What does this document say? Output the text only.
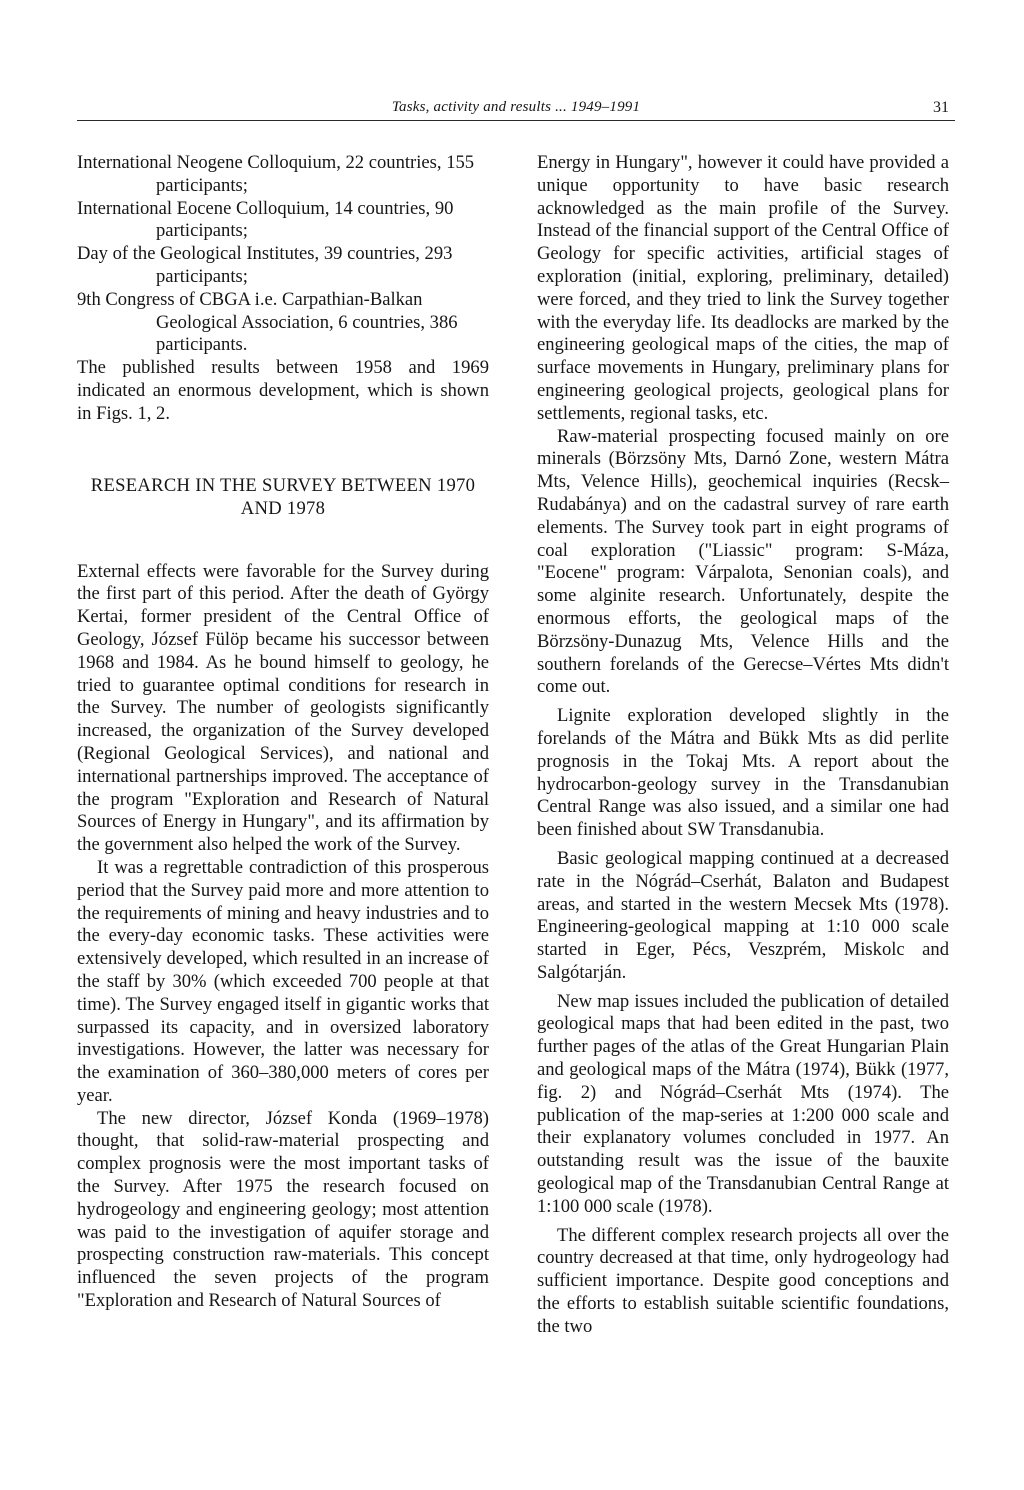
Tasks, activity and results ... 1949–1991	31

International Neogene Colloquium, 22 countries, 155 participants;

International Eocene Colloquium, 14 countries, 90 participants;

Day of the Geological Institutes, 39 countries, 293 participants;

9th Congress of CBGA i.e. Carpathian-Balkan Geological Association, 6 countries, 386 participants.

The published results between 1958 and 1969 indicated an enormous development, which is shown in Figs. 1, 2.

RESEARCH IN THE SURVEY BETWEEN 1970
AND 1978

External effects were favorable for the Survey during the first part of this period. After the death of György Kertai, former president of the Central Office of Geology, József Fülöp became his successor between 1968 and 1984. As he bound himself to geology, he tried to guarantee optimal conditions for research in the Survey. The number of geologists significantly increased, the organization of the Survey developed (Regional Geological Services), and national and international partnerships improved. The acceptance of the program "Exploration and Research of Natural Sources of Energy in Hungary", and its affirmation by the government also helped the work of the Survey.

It was a regrettable contradiction of this prosperous period that the Survey paid more and more attention to the requirements of mining and heavy industries and to the every-day economic tasks. These activities were extensively developed, which resulted in an increase of the staff by 30% (which exceeded 700 people at that time). The Survey engaged itself in gigantic works that surpassed its capacity, and in oversized laboratory investigations. However, the latter was necessary for the examination of 360–380,000 meters of cores per year.

The new director, József Konda (1969–1978) thought, that solid-raw-material prospecting and complex prognosis were the most important tasks of the Survey. After 1975 the research focused on hydrogeology and engineering geology; most attention was paid to the investigation of aquifer storage and prospecting construction raw-materials. This concept influenced the seven projects of the program "Exploration and Research of Natural Sources of

Energy in Hungary", however it could have provided a unique opportunity to have basic research acknowledged as the main profile of the Survey. Instead of the financial support of the Central Office of Geology for specific activities, artificial stages of exploration (initial, exploring, preliminary, detailed) were forced, and they tried to link the Survey together with the everyday life. Its deadlocks are marked by the engineering geological maps of the cities, the map of surface movements in Hungary, preliminary plans for engineering geological projects, geological plans for settlements, regional tasks, etc.

Raw-material prospecting focused mainly on ore minerals (Börzsöny Mts, Darnó Zone, western Mátra Mts, Velence Hills), geochemical inquiries (Recsk–Rudabánya) and on the cadastral survey of rare earth elements. The Survey took part in eight programs of coal exploration ("Liassic" program: S-Máza, "Eocene" program: Várpalota, Senonian coals), and some alginite research. Unfortunately, despite the enormous efforts, the geological maps of the Börzsöny-Dunazug Mts, Velence Hills and the southern forelands of the Gerecse–Vértes Mts didn't come out.

Lignite exploration developed slightly in the forelands of the Mátra and Bükk Mts as did perlite prognosis in the Tokaj Mts. A report about the hydrocarbon-geology survey in the Transdanubian Central Range was also issued, and a similar one had been finished about SW Transdanubia.

Basic geological mapping continued at a decreased rate in the Nógrád–Cserhát, Balaton and Budapest areas, and started in the western Mecsek Mts (1978). Engineering-geological mapping at 1:10 000 scale started in Eger, Pécs, Veszprém, Miskolc and Salgótarján.

New map issues included the publication of detailed geological maps that had been edited in the past, two further pages of the atlas of the Great Hungarian Plain and geological maps of the Mátra (1974), Bükk (1977, fig. 2) and Nógrád–Cserhát Mts (1974). The publication of the map-series at 1:200 000 scale and their explanatory volumes concluded in 1977. An outstanding result was the issue of the bauxite geological map of the Transdanubian Central Range at 1:100 000 scale (1978).

The different complex research projects all over the country decreased at that time, only hydrogeology had sufficient importance. Despite good conceptions and the efforts to establish suitable scientific foundations, the two
